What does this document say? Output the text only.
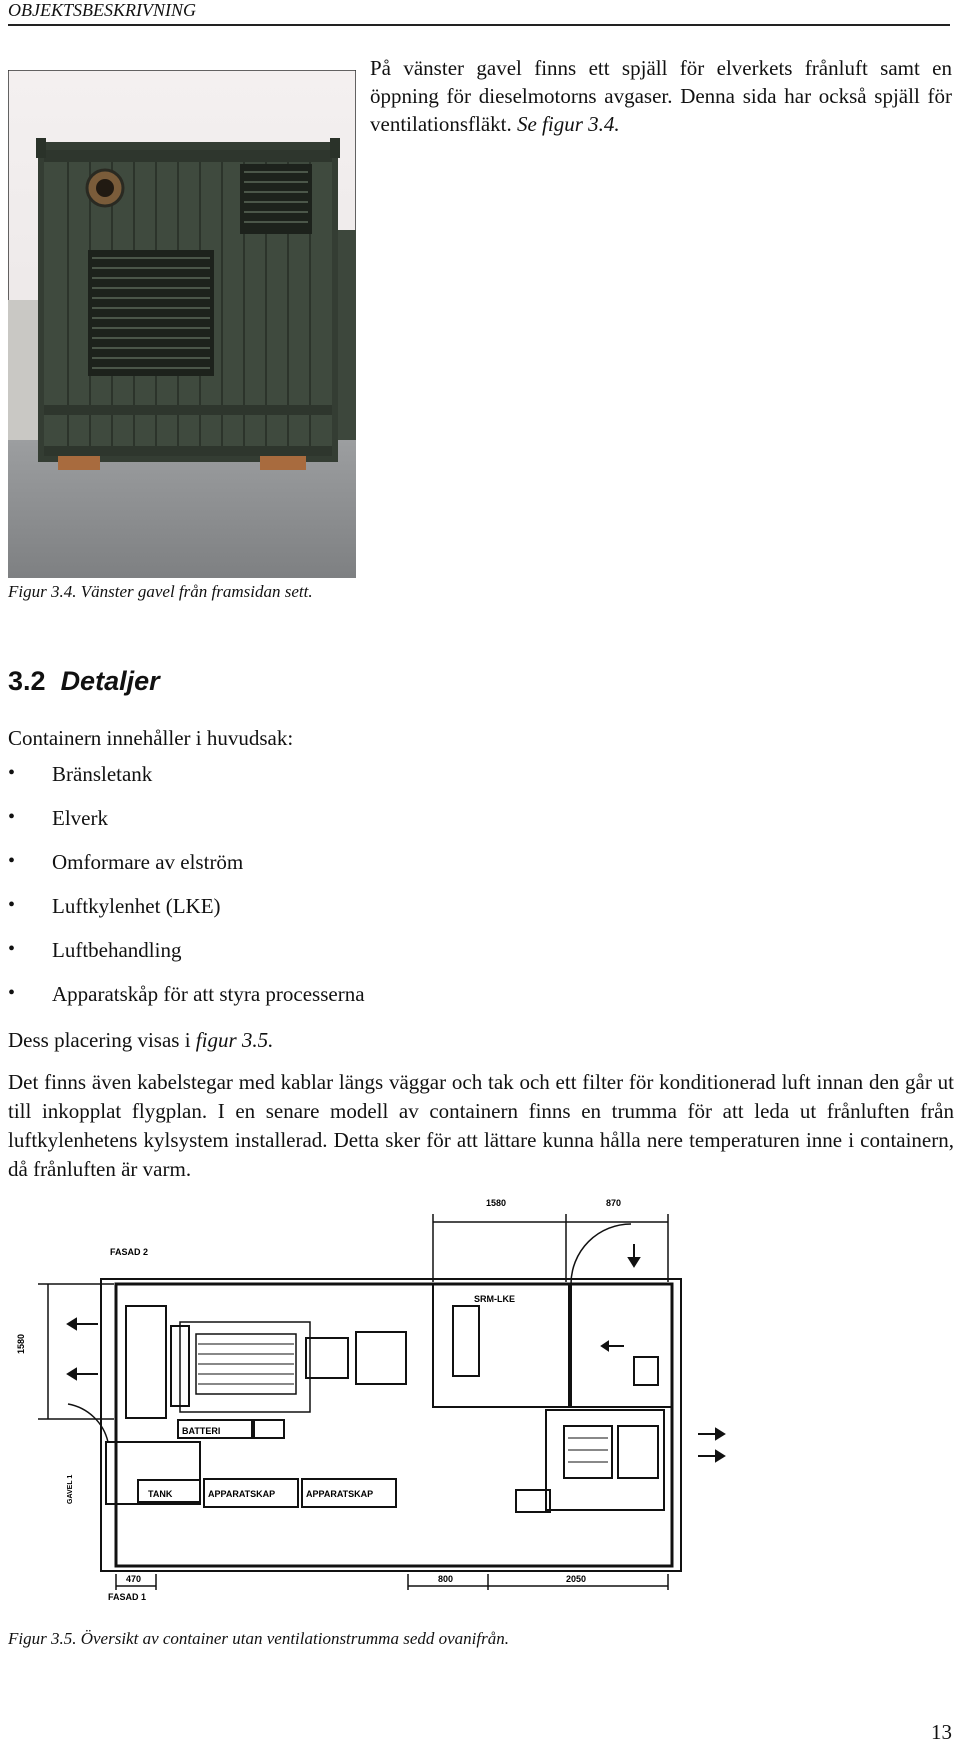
OBJEKTSBESKRIVNING

På vänster gavel finns ett spjäll för elverkets frånluft samt en öppning för dieselmotorns avgaser. Denna sida har också spjäll för ventilationsfläkt. Se figur 3.4.

Figur 3.4. Vänster gavel från framsidan sett.
3.2 Detaljer
Containern innehåller i huvudsak:
•	Bränsletank
•	Elverk
•	Omformare av elström
•	Luftkylenhet (LKE)
•	Luftbehandling
•	Apparatskåp för att styra processerna
Dess placering visas i figur 3.5.
Det finns även kabelstegar med kablar längs väggar och tak och ett filter för konditionerad luft innan den går ut till inkopplat flygplan. I en senare modell av containern finns en trumma för att leda ut frånluften från luftkylenhetens kylsystem installerad. Detta sker för att lättare kunna hålla nere temperaturen inne i containern, då frånluften är varm.
FASAD 2
1580	870
SRM-LKE
1580
BATTERI
TANK	APPARATSKAP	APPARATSKAP
GAVEL 1
470
FASAD 1
800	2050
Figur 3.5. Översikt av container utan ventilationstrumma sedd ovanifrån.
13
